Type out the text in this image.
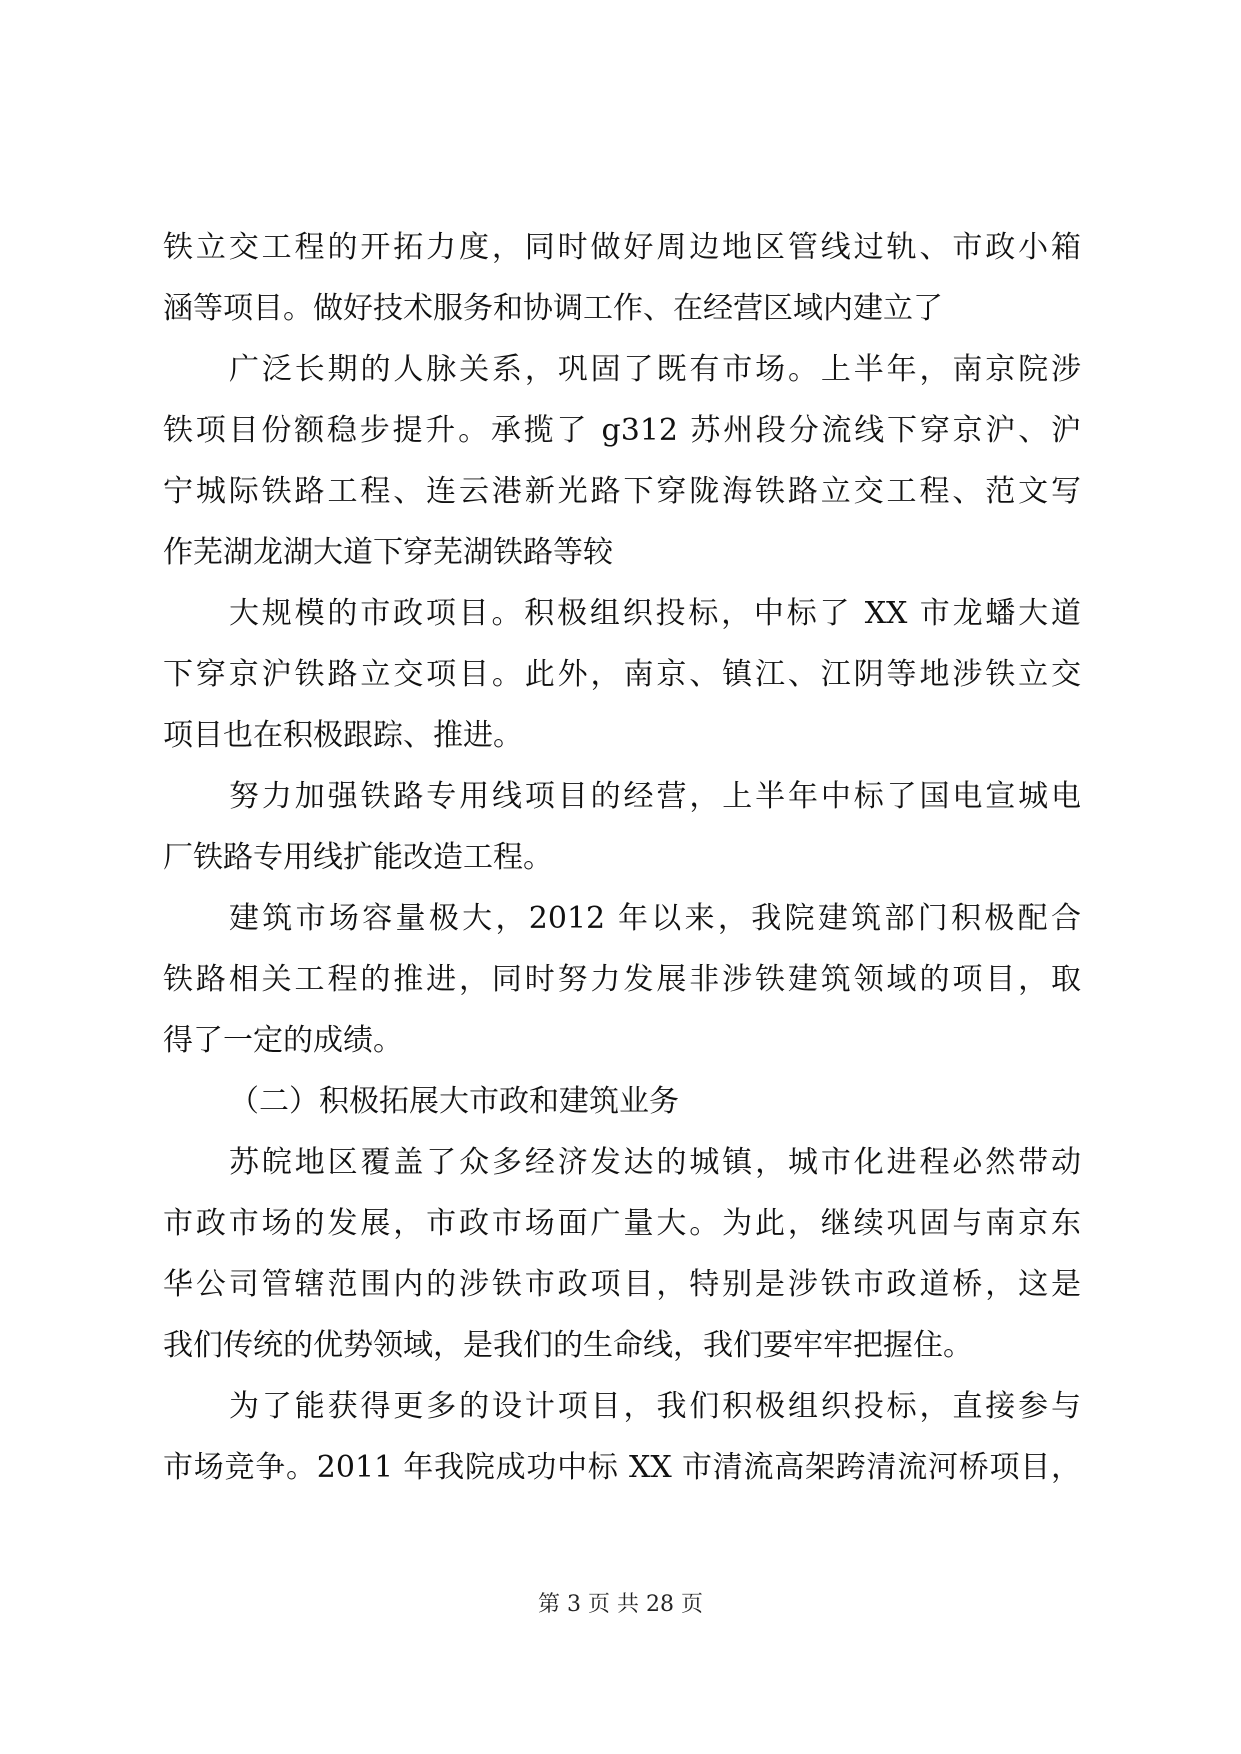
铁立交工程的开拓力度，同时做好周边地区管线过轨、市政小箱
涵等项目。做好技术服务和协调工作、在经营区域内建立了
广泛长期的人脉关系，巩固了既有市场。上半年，南京院涉
铁项目份额稳步提升。承揽了 g312 苏州段分流线下穿京沪、沪
宁城际铁路工程、连云港新光路下穿陇海铁路立交工程、范文写
作芜湖龙湖大道下穿芜湖铁路等较
大规模的市政项目。积极组织投标，中标了 XX 市龙蟠大道
下穿京沪铁路立交项目。此外，南京、镇江、江阴等地涉铁立交
项目也在积极跟踪、推进。
努力加强铁路专用线项目的经营，上半年中标了国电宣城电
厂铁路专用线扩能改造工程。
建筑市场容量极大，2012 年以来，我院建筑部门积极配合
铁路相关工程的推进，同时努力发展非涉铁建筑领域的项目，取
得了一定的成绩。
（二）积极拓展大市政和建筑业务
苏皖地区覆盖了众多经济发达的城镇，城市化进程必然带动
市政市场的发展，市政市场面广量大。为此，继续巩固与南京东
华公司管辖范围内的涉铁市政项目，特别是涉铁市政道桥，这是
我们传统的优势领域，是我们的生命线，我们要牢牢把握住。
为了能获得更多的设计项目，我们积极组织投标，直接参与
市场竞争。2011 年我院成功中标 XX 市清流高架跨清流河桥项目，
第 3 页 共 28 页
